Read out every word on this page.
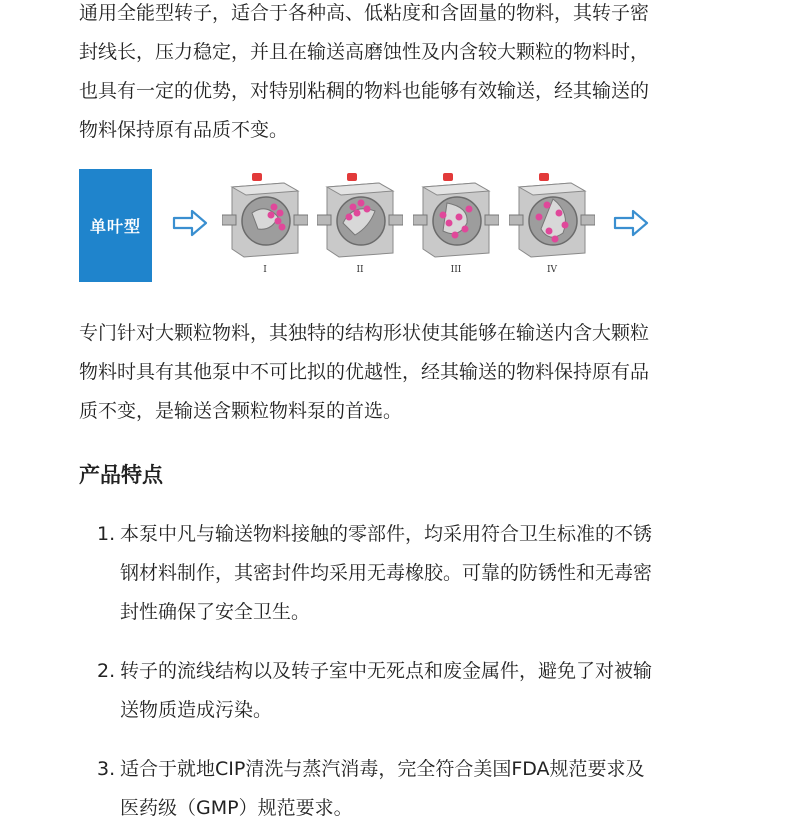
通用全能型转子，适合于各种高、低粘度和含固量的物料，其转子密封线长，压力稳定，并且在输送高磨蚀性及内含较大颗粒的物料时，也具有一定的优势，对特别粘稠的物料也能够有效输送，经其输送的物料保持原有品质不变。

单叶型
I	II	III	IV

专门针对大颗粒物料，其独特的结构形状使其能够在输送内含大颗粒物料时具有其他泵中不可比拟的优越性，经其输送的物料保持原有品质不变，是输送含颗粒物料泵的首选。

产品特点
1. 本泵中凡与输送物料接触的零部件，均采用符合卫生标准的不锈钢材料制作，其密封件均采用无毒橡胶。可靠的防锈性和无毒密封性确保了安全卫生。
2. 转子的流线结构以及转子室中无死点和废金属件，避免了对被输送物质造成污染。
3. 适合于就地CIP清洗与蒸汽消毒，完全符合美国FDA规范要求及医药级（GMP）规范要求。
